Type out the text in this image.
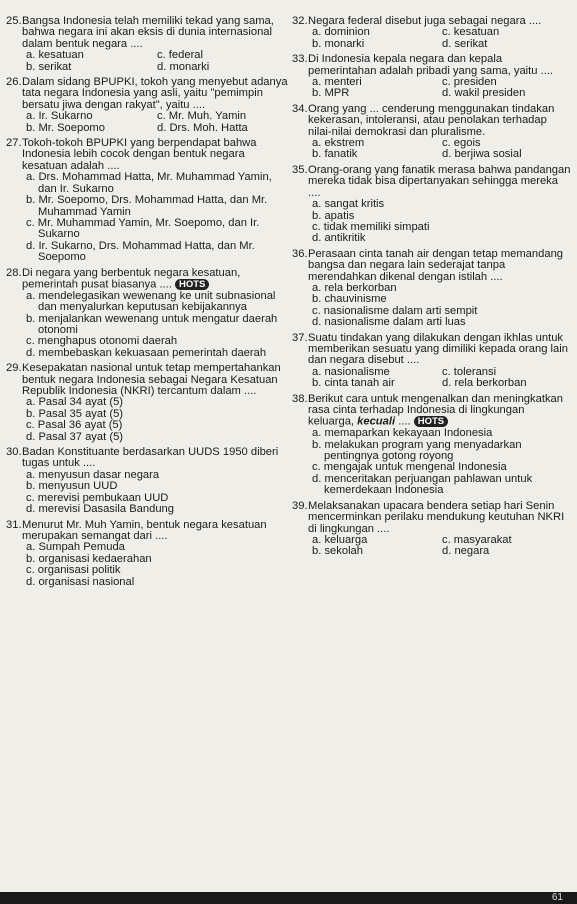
25. Bangsa Indonesia telah memiliki tekad yang sama, bahwa negara ini akan eksis di dunia internasional dalam bentuk negara ....
a. kesatuan	c. federal
b. serikat	d. monarki
26. Dalam sidang BPUPKI, tokoh yang menyebut adanya tata negara Indonesia yang asli, yaitu "pemimpin bersatu jiwa dengan rakyat", yaitu ....
a. Ir. Sukarno	c. Mr. Muh. Yamin
b. Mr. Soepomo	d. Drs. Moh. Hatta
27. Tokoh-tokoh BPUPKI yang berpendapat bahwa Indonesia lebih cocok dengan bentuk negara kesatuan adalah ....
a. Drs. Mohammad Hatta, Mr. Muhammad Yamin, dan Ir. Sukarno
b. Mr. Soepomo, Drs. Mohammad Hatta, dan Mr. Muhammad Yamin
c. Mr. Muhammad Yamin, Mr. Soepomo, dan Ir. Sukarno
d. Ir. Sukarno, Drs. Mohammad Hatta, dan Mr. Soepomo
28. Di negara yang berbentuk negara kesatuan, pemerintah pusat biasanya .... HOTS
a. mendelegasikan wewenang ke unit subnasional dan menyalurkan keputusan kebijakannya
b. menjalankan wewenang untuk mengatur daerah otonomi
c. menghapus otonomi daerah
d. membebaskan kekuasaan pemerintah daerah
29. Kesepakatan nasional untuk tetap mempertahankan bentuk negara Indonesia sebagai Negara Kesatuan Republik Indonesia (NKRI) tercantum dalam ....
a. Pasal 34 ayat (5)
b. Pasal 35 ayat (5)
c. Pasal 36 ayat (5)
d. Pasal 37 ayat (5)
30. Badan Konstituante berdasarkan UUDS 1950 diberi tugas untuk ....
a. menyusun dasar negara
b. menyusun UUD
c. merevisi pembukaan UUD
d. merevisi Dasasila Bandung
31. Menurut Mr. Muh Yamin, bentuk negara kesatuan merupakan semangat dari ....
a. Sumpah Pemuda
b. organisasi kedaerahan
c. organisasi politik
d. organisasi nasional
32. Negara federal disebut juga sebagai negara ....
a. dominion	c. kesatuan
b. monarki	d. serikat
33. Di Indonesia kepala negara dan kepala pemerintahan adalah pribadi yang sama, yaitu ....
a. menteri	c. presiden
b. MPR	d. wakil presiden
34. Orang yang ... cenderung menggunakan tindakan kekerasan, intoleransi, atau penolakan terhadap nilai-nilai demokrasi dan pluralisme.
a. ekstrem	c. egois
b. fanatik	d. berjiwa sosial
35. Orang-orang yang fanatik merasa bahwa pandangan mereka tidak bisa dipertanyakan sehingga mereka ....
a. sangat kritis
b. apatis
c. tidak memiliki simpati
d. antikritik
36. Perasaan cinta tanah air dengan tetap memandang bangsa dan negara lain sederajat tanpa merendahkan dikenal dengan istilah ....
a. rela berkorban
b. chauvinisme
c. nasionalisme dalam arti sempit
d. nasionalisme dalam arti luas
37. Suatu tindakan yang dilakukan dengan ikhlas untuk memberikan sesuatu yang dimiliki kepada orang lain dan negara disebut ....
a. nasionalisme	c. toleransi
b. cinta tanah air	d. rela berkorban
38. Berikut cara untuk mengenalkan dan meningkatkan rasa cinta terhadap Indonesia di lingkungan keluarga, kecuali .... HOTS
a. memaparkan kekayaan Indonesia
b. melakukan program yang menyadarkan pentingnya gotong royong
c. mengajak untuk mengenal Indonesia
d. menceritakan perjuangan pahlawan untuk kemerdekaan Indonesia
39. Melaksanakan upacara bendera setiap hari Senin mencerminkan perilaku mendukung keutuhan NKRI di lingkungan ....
a. keluarga	c. masyarakat
b. sekolah	d. negara
61
